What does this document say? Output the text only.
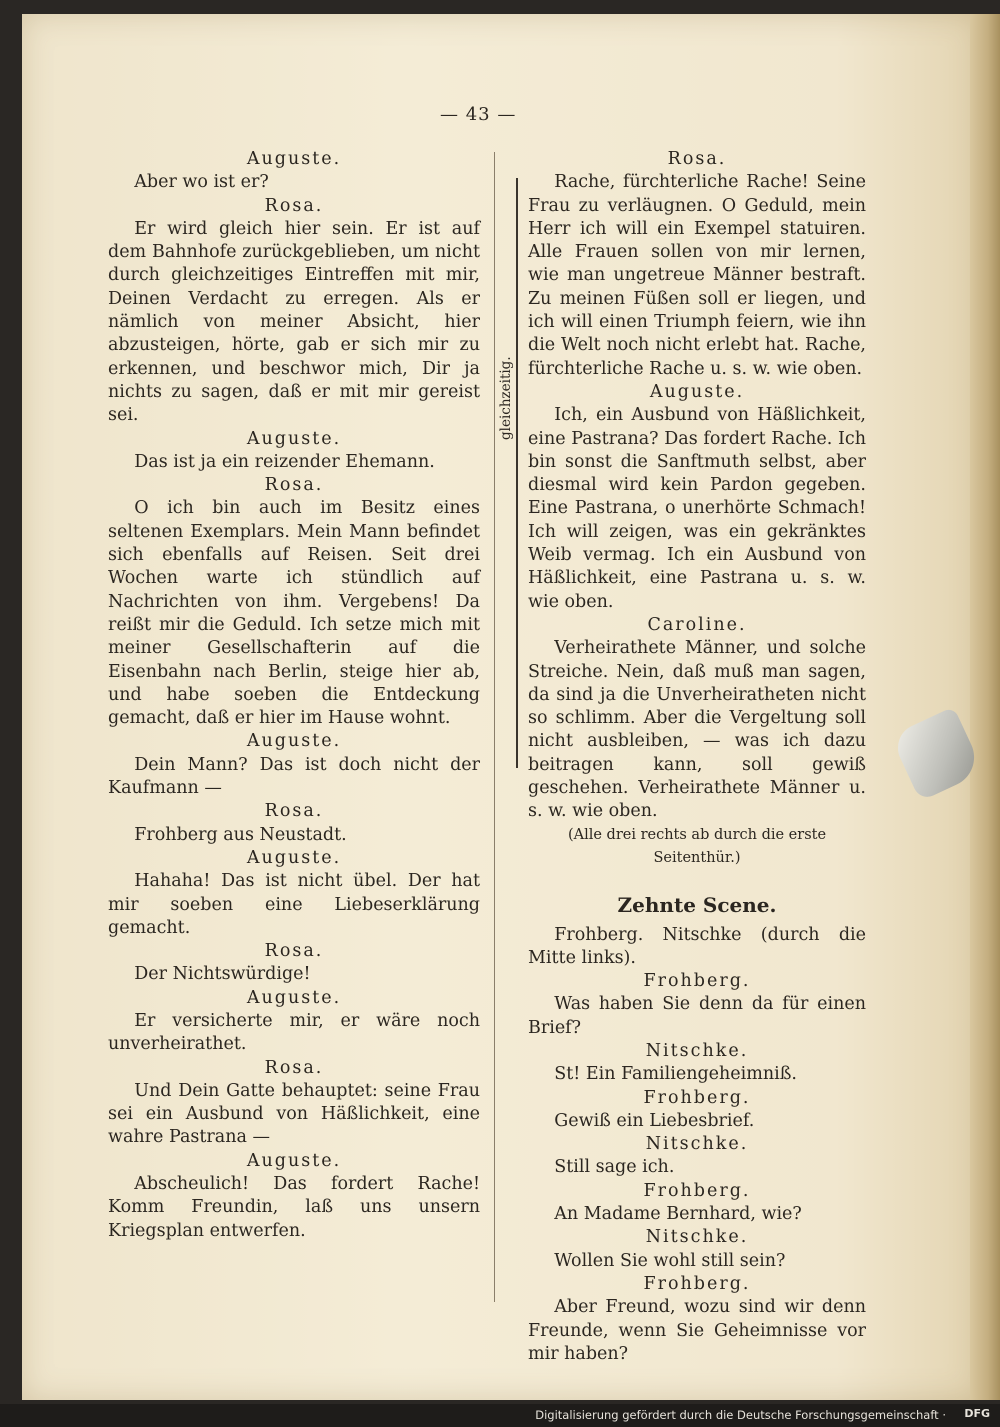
— 43 —

Auguste.

Aber wo ist er?

Rosa.

Er wird gleich hier sein. Er ist auf dem Bahnhofe zurückgeblieben, um nicht durch gleichzeitiges Eintreffen mit mir, Deinen Verdacht zu erregen. Als er nämlich von meiner Absicht, hier abzusteigen, hörte, gab er sich mir zu erkennen, und beschwor mich, Dir ja nichts zu sagen, daß er mit mir gereist sei.

Auguste.

Das ist ja ein reizender Ehemann.

Rosa.

O ich bin auch im Besitz eines seltenen Exemplars. Mein Mann befindet sich ebenfalls auf Reisen. Seit drei Wochen warte ich stündlich auf Nachrichten von ihm. Vergebens! Da reißt mir die Geduld. Ich setze mich mit meiner Gesellschafterin auf die Eisenbahn nach Berlin, steige hier ab, und habe soeben die Entdeckung gemacht, daß er hier im Hause wohnt.

Auguste.

Dein Mann? Das ist doch nicht der Kaufmann —

Rosa.

Frohberg aus Neustadt.

Auguste.

Hahaha! Das ist nicht übel. Der hat mir soeben eine Liebeserklärung gemacht.

Rosa.

Der Nichtswürdige!

Auguste.

Er versicherte mir, er wäre noch unverheirathet.

Rosa.

Und Dein Gatte behauptet: seine Frau sei ein Ausbund von Häßlichkeit, eine wahre Pastrana —

Auguste.

Abscheulich! Das fordert Rache! Komm Freundin, laß uns unsern Kriegsplan entwerfen.

gleichzeitig.

Rosa.

Rache, fürchterliche Rache! Seine Frau zu verläugnen. O Geduld, mein Herr ich will ein Exempel statuiren. Alle Frauen sollen von mir lernen, wie man ungetreue Männer bestraft. Zu meinen Füßen soll er liegen, und ich will einen Triumph feiern, wie ihn die Welt noch nicht erlebt hat. Rache, fürchterliche Rache u. s. w. wie oben.

Auguste.

Ich, ein Ausbund von Häßlichkeit, eine Pastrana? Das fordert Rache. Ich bin sonst die Sanftmuth selbst, aber diesmal wird kein Pardon gegeben. Eine Pastrana, o unerhörte Schmach! Ich will zeigen, was ein gekränktes Weib vermag. Ich ein Ausbund von Häßlichkeit, eine Pastrana u. s. w. wie oben.

Caroline.

Verheirathete Männer, und solche Streiche. Nein, daß muß man sagen, da sind ja die Unverheiratheten nicht so schlimm. Aber die Vergeltung soll nicht ausbleiben, — was ich dazu beitragen kann, soll gewiß geschehen. Verheirathete Männer u. s. w. wie oben.

(Alle drei rechts ab durch die erste Seitenthür.)

Zehnte Scene.

Frohberg. Nitschke (durch die Mitte links).

Frohberg.

Was haben Sie denn da für einen Brief?

Nitschke.

St! Ein Familiengeheimniß.

Frohberg.

Gewiß ein Liebesbrief.

Nitschke.

Still sage ich.

Frohberg.

An Madame Bernhard, wie?

Nitschke.

Wollen Sie wohl still sein?

Frohberg.

Aber Freund, wozu sind wir denn Freunde, wenn Sie Geheimnisse vor mir haben?

Digitalisierung gefördert durch die Deutsche Forschungsgemeinschaft · DFG
